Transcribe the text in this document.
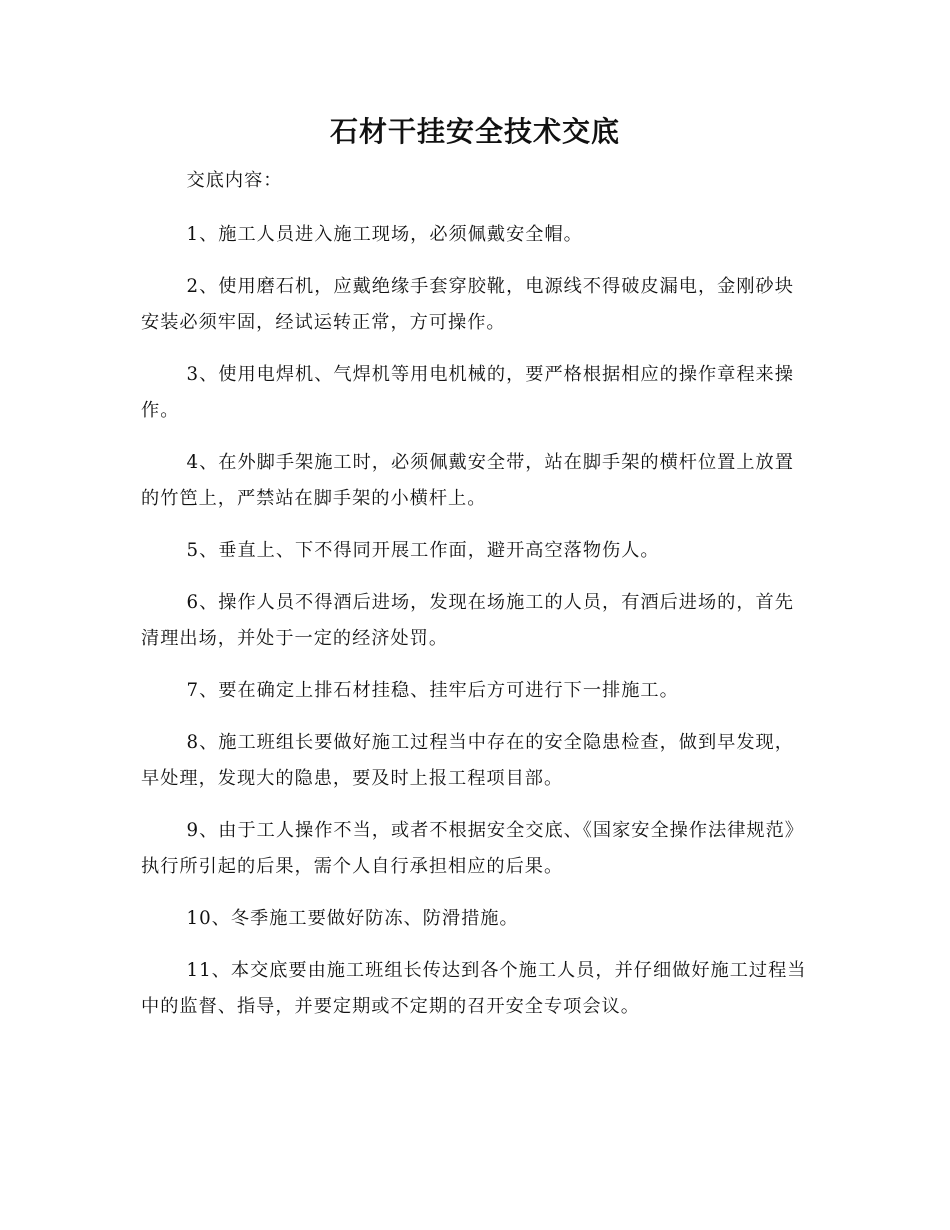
石材干挂安全技术交底

交底内容：

1、施工人员进入施工现场，必须佩戴安全帽。

2、使用磨石机，应戴绝缘手套穿胶靴，电源线不得破皮漏电，金刚砂块安装必须牢固，经试运转正常，方可操作。

3、使用电焊机、气焊机等用电机械的，要严格根据相应的操作章程来操作。

4、在外脚手架施工时，必须佩戴安全带，站在脚手架的横杆位置上放置的竹笆上，严禁站在脚手架的小横杆上。

5、垂直上、下不得同开展工作面，避开高空落物伤人。

6、操作人员不得酒后进场，发现在场施工的人员，有酒后进场的，首先清理出场，并处于一定的经济处罚。

7、要在确定上排石材挂稳、挂牢后方可进行下一排施工。

8、施工班组长要做好施工过程当中存在的安全隐患检查，做到早发现，早处理，发现大的隐患，要及时上报工程项目部。

9、由于工人操作不当，或者不根据安全交底、《国家安全操作法律规范》执行所引起的后果，需个人自行承担相应的后果。

10、冬季施工要做好防冻、防滑措施。

11、本交底要由施工班组长传达到各个施工人员，并仔细做好施工过程当中的监督、指导，并要定期或不定期的召开安全专项会议。
